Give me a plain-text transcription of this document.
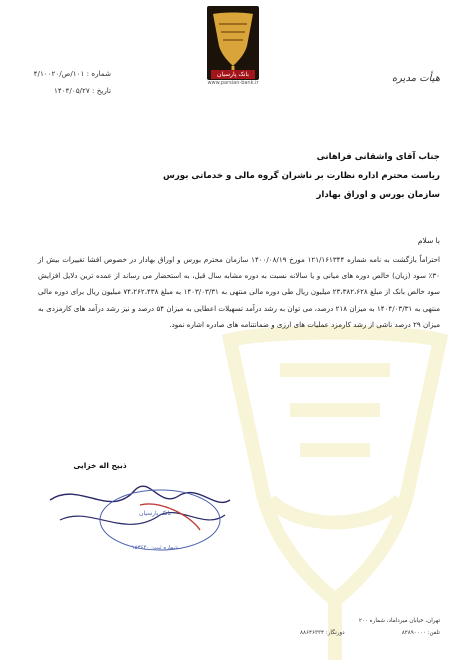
بانک پارسیان
www.parsian-bank.ir
شماره : ۱۰۱/ص/۴/۱۰۰۲۰
تاریخ : ۱۴۰۴/۰۵/۲۷
هیأت مدیره
جناب آقای واشقانی فراهانی
ریاست محترم اداره نظارت بر ناشران گروه مالی و خدماتی بورس
سازمان بورس و اوراق بهادار
با سلام
احتراماً بازگشت به نامه شماره ۱۲۱/۱۶۱۳۴۴ مورخ ۱۴۰۰/۰۸/۱۹ سازمان محترم بورس و اوراق بهادار در خصوص افشا تغییرات بیش از ۳۰٪ سود (زیان) خالص دوره های میانی و یا سالانه نسبت به دوره مشابه سال قبل، به استحضار می رساند از عمده ترین دلایل افزایش سود خالص بانک از مبلغ ۲۳،۳۸۲،۶۲۸ میلیون ریال طی دوره مالی منتهی به ۱۴۰۳/۰۳/۳۱ به مبلغ ۷۴،۲۶۲،۴۳۸ میلیون ریال برای دوره مالی منتهی به ۱۴۰۴/۰۳/۳۱ به میزان ۲۱۸ درصد، می توان به رشد درآمد تسهیلات اعطایی به میزان ۵۴ درصد و نیز رشد درآمد های کارمزدی به میزان ۲۹ درصد ناشی از رشد کارمزد عملیات های ارزی و ضمانتنامه های صادره اشاره نمود.
ذبیح اله خزایی
بانک پارسیان
شماره ثبت: ۱۵۳۶۴۰
تهران، خیابان میرداماد، شماره ۲۰۰
تلفن: ۸۲۸۹۰۰۰۰
دورنگار: ۸۸۶۴۶۳۳۴
